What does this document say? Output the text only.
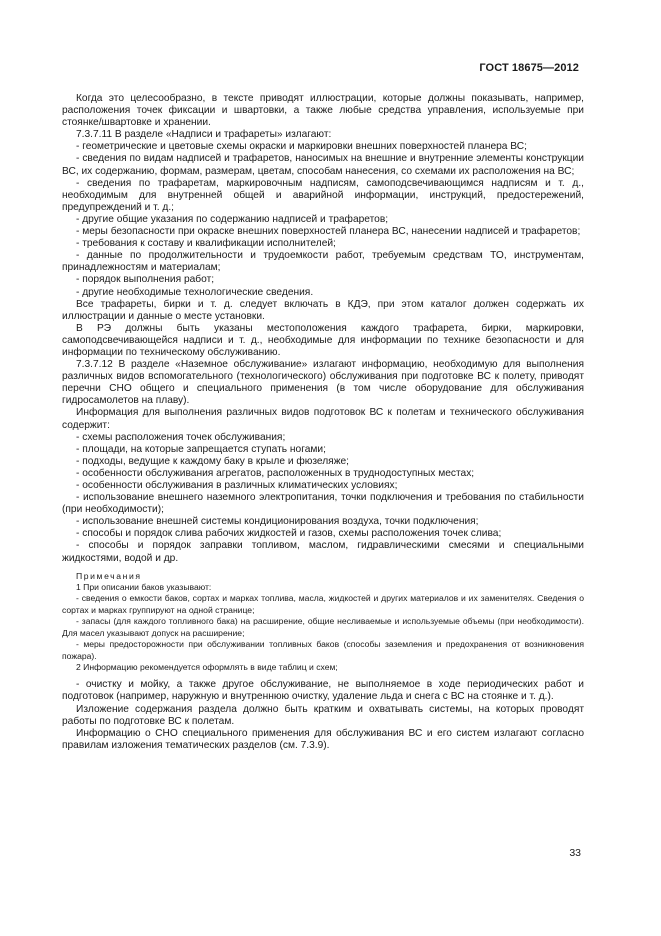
ГОСТ 18675—2012

Когда это целесообразно, в тексте приводят иллюстрации, которые должны показывать, например, расположения точек фиксации и швартовки, а также любые средства управления, используемые при стоянке/швартовке и хранении.

7.3.7.11 В разделе «Надписи и трафареты» излагают:

- геометрические и цветовые схемы окраски и маркировки внешних поверхностей планера ВС;

- сведения по видам надписей и трафаретов, наносимых на внешние и внутренние элементы конструкции ВС, их содержанию, формам, размерам, цветам, способам нанесения, со схемами их расположения на ВС;

- сведения по трафаретам, маркировочным надписям, самоподсвечивающимся надписям и т. д., необходимым для внутренней общей и аварийной информации, инструкций, предостережений, предупреждений и т. д.;

- другие общие указания по содержанию надписей и трафаретов;

- меры безопасности при окраске внешних поверхностей планера ВС, нанесении надписей и трафаретов;

- требования к составу и квалификации исполнителей;

- данные по продолжительности и трудоемкости работ, требуемым средствам ТО, инструментам, принадлежностям и материалам;

- порядок выполнения работ;

- другие необходимые технологические сведения.

Все трафареты, бирки и т. д. следует включать в КДЭ, при этом каталог должен содержать их иллюстрации и данные о месте установки.

В РЭ должны быть указаны местоположения каждого трафарета, бирки, маркировки, самоподсвечивающейся надписи и т. д., необходимые для информации по технике безопасности и для информации по техническому обслуживанию.

7.3.7.12 В разделе «Наземное обслуживание» излагают информацию, необходимую для выполнения различных видов вспомогательного (технологического) обслуживания при подготовке ВС к полету, приводят перечни СНО общего и специального применения (в том числе оборудование для обслуживания гидросамолетов на плаву).

Информация для выполнения различных видов подготовок ВС к полетам и технического обслуживания содержит:

- схемы расположения точек обслуживания;

- площади, на которые запрещается ступать ногами;

- подходы, ведущие к каждому баку в крыле и фюзеляже;

- особенности обслуживания агрегатов, расположенных в труднодоступных местах;

- особенности обслуживания в различных климатических условиях;

- использование внешнего наземного электропитания, точки подключения и требования по стабильности (при необходимости);

- использование внешней системы кондиционирования воздуха, точки подключения;

- способы и порядок слива рабочих жидкостей и газов, схемы расположения точек слива;

- способы и порядок заправки топливом, маслом, гидравлическими смесями и специальными жидкостями, водой и др.

Примечания

1 При описании баков указывают:

- сведения о емкости баков, сортах и марках топлива, масла, жидкостей и других материалов и их заменителях. Сведения о сортах и марках группируют на одной странице;

- запасы (для каждого топливного бака) на расширение, общие несливаемые и используемые объемы (при необходимости). Для масел указывают допуск на расширение;

- меры предосторожности при обслуживании топливных баков (способы заземления и предохранения от возникновения пожара).

2 Информацию рекомендуется оформлять в виде таблиц и схем;

- очистку и мойку, а также другое обслуживание, не выполняемое в ходе периодических работ и подготовок (например, наружную и внутреннюю очистку, удаление льда и снега с ВС на стоянке и т. д.).

Изложение содержания раздела должно быть кратким и охватывать системы, на которых проводят работы по подготовке ВС к полетам.

Информацию о СНО специального применения для обслуживания ВС и его систем излагают согласно правилам изложения тематических разделов (см. 7.3.9).

33
